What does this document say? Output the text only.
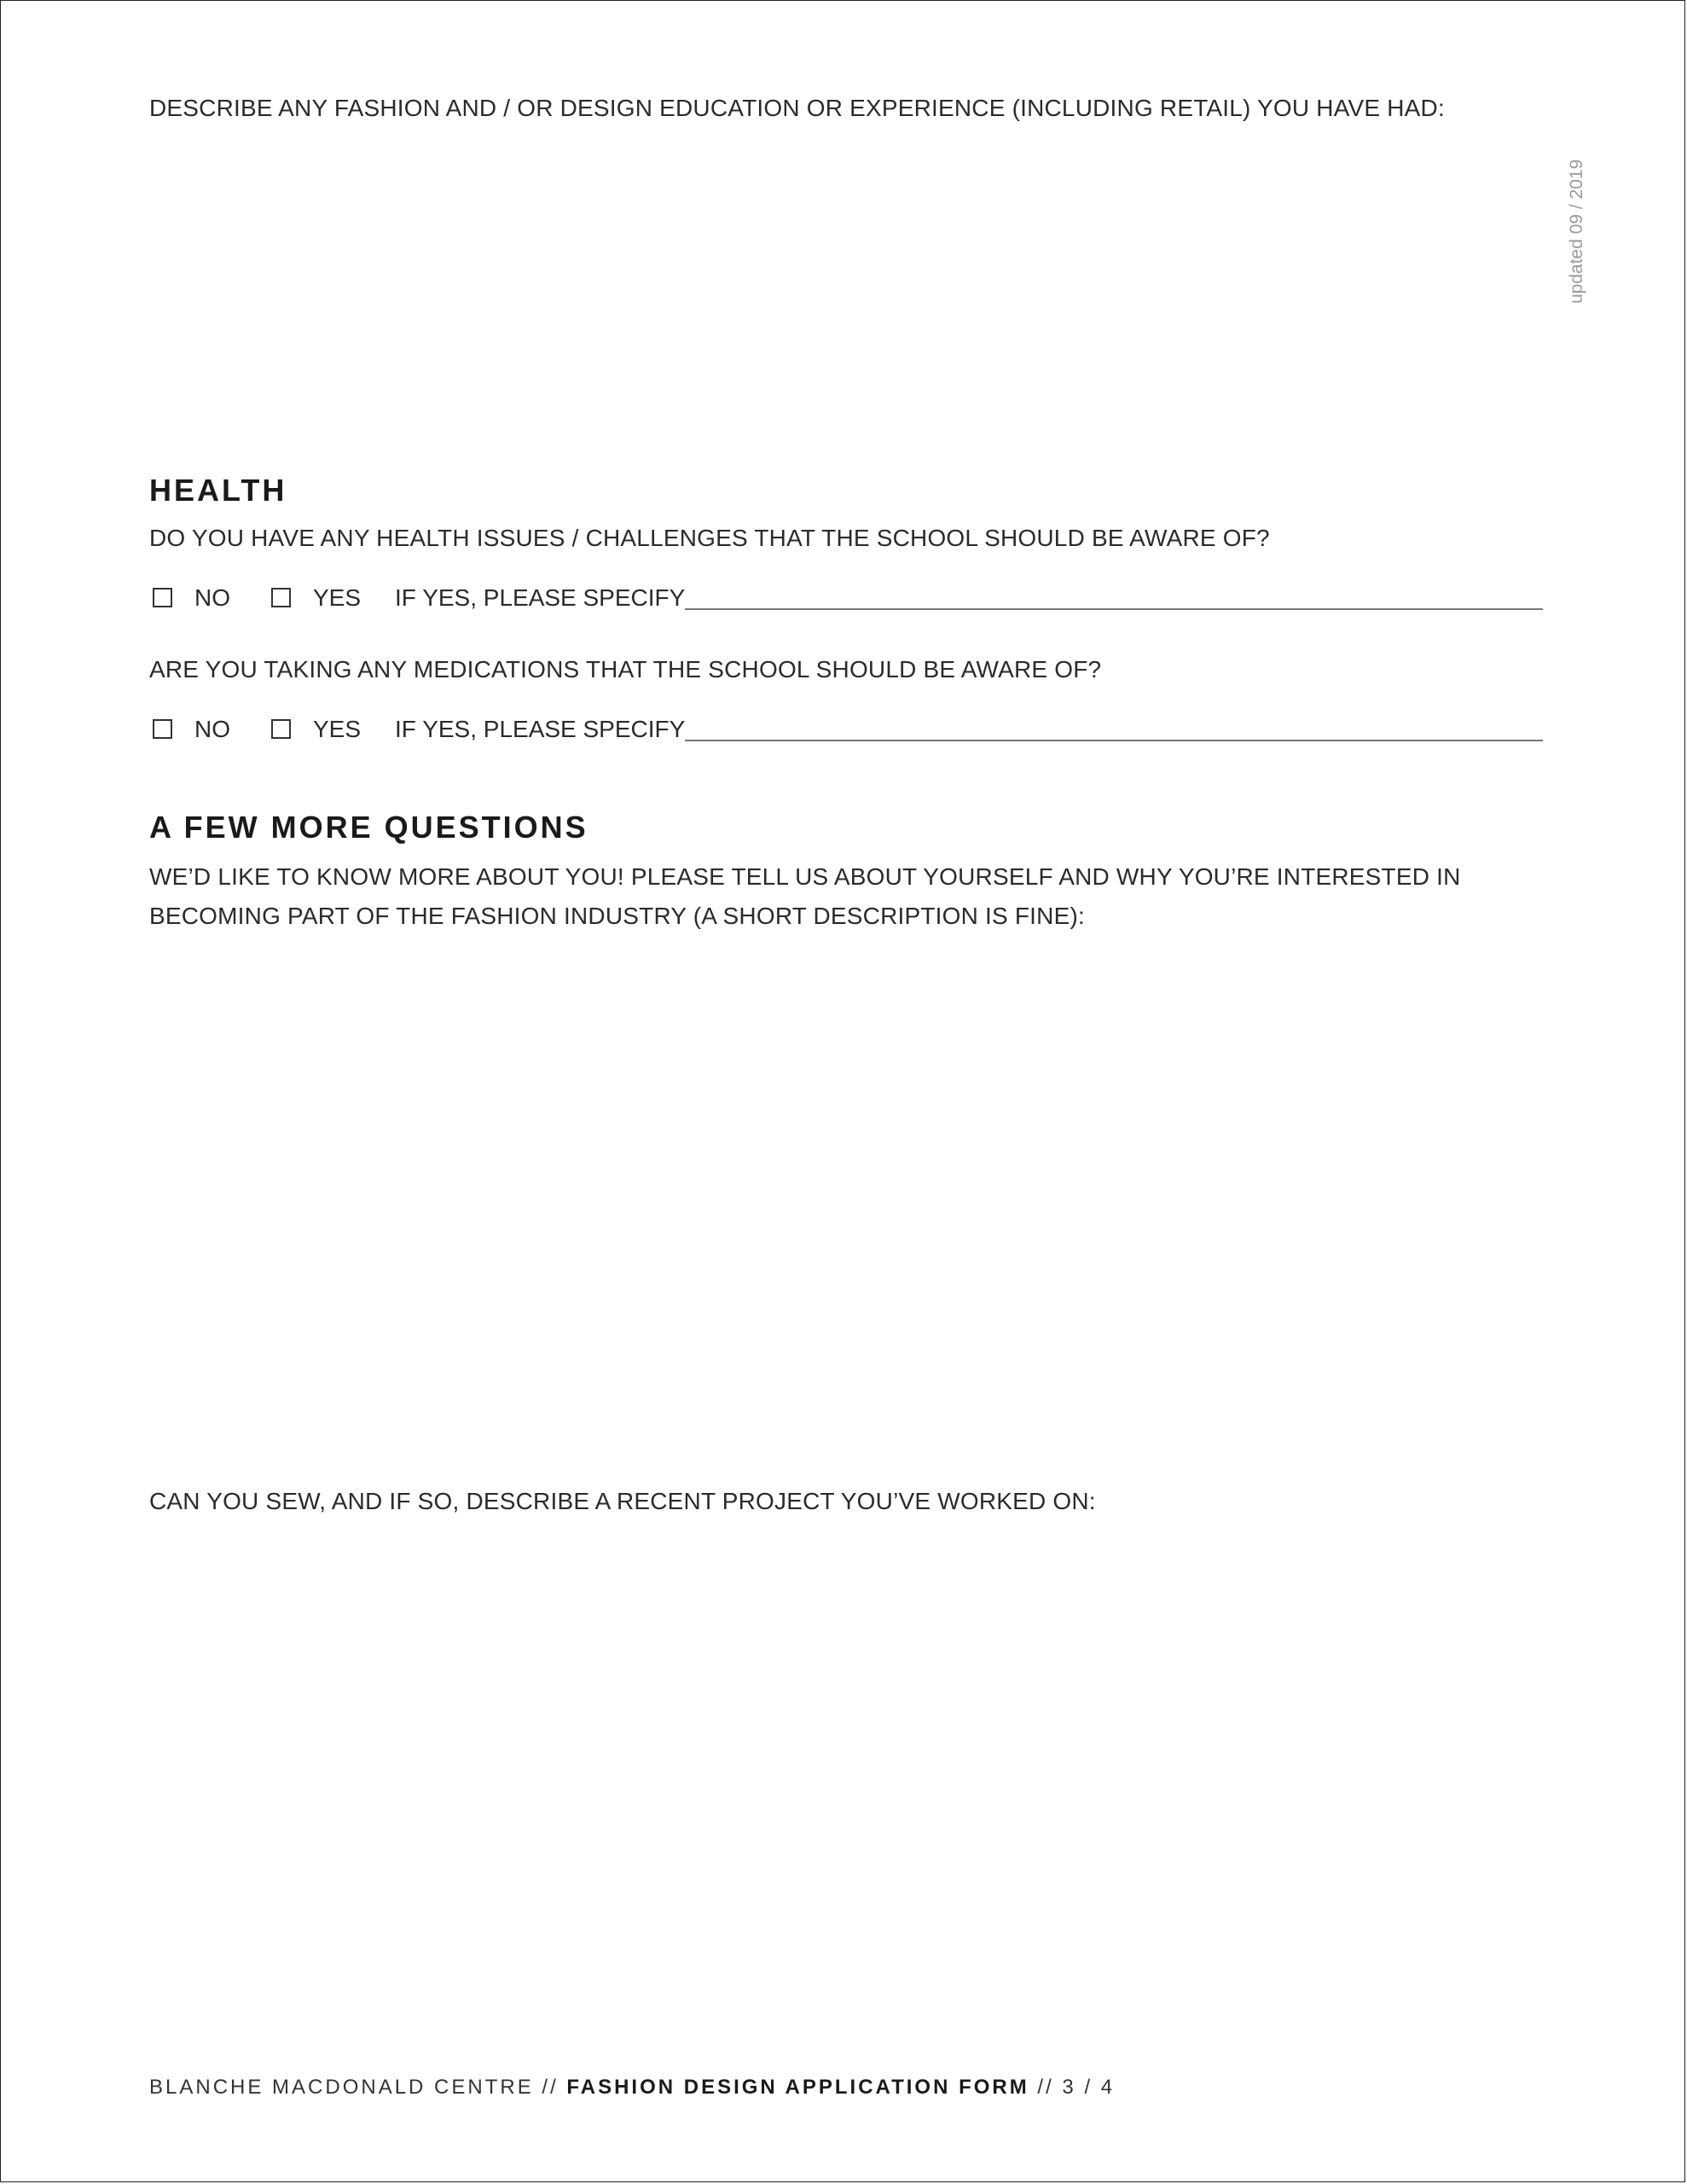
updated 09 / 2019
DESCRIBE ANY FASHION AND / OR DESIGN EDUCATION OR EXPERIENCE (INCLUDING RETAIL) YOU HAVE HAD:
HEALTH
DO YOU HAVE ANY HEALTH ISSUES / CHALLENGES THAT THE SCHOOL SHOULD BE AWARE OF?
NO	YES IF YES, PLEASE SPECIFY
ARE YOU TAKING ANY MEDICATIONS THAT THE SCHOOL SHOULD BE AWARE OF?
NO	YES IF YES, PLEASE SPECIFY
A FEW MORE QUESTIONS
WE’D LIKE TO KNOW MORE ABOUT YOU! PLEASE TELL US ABOUT YOURSELF AND WHY YOU’RE INTERESTED IN BECOMING PART OF THE FASHION INDUSTRY (A SHORT DESCRIPTION IS FINE):
CAN YOU SEW, AND IF SO, DESCRIBE A RECENT PROJECT YOU’VE WORKED ON:
BLANCHE MACDONALD CENTRE // FASHION DESIGN APPLICATION FORM // 3 / 4
